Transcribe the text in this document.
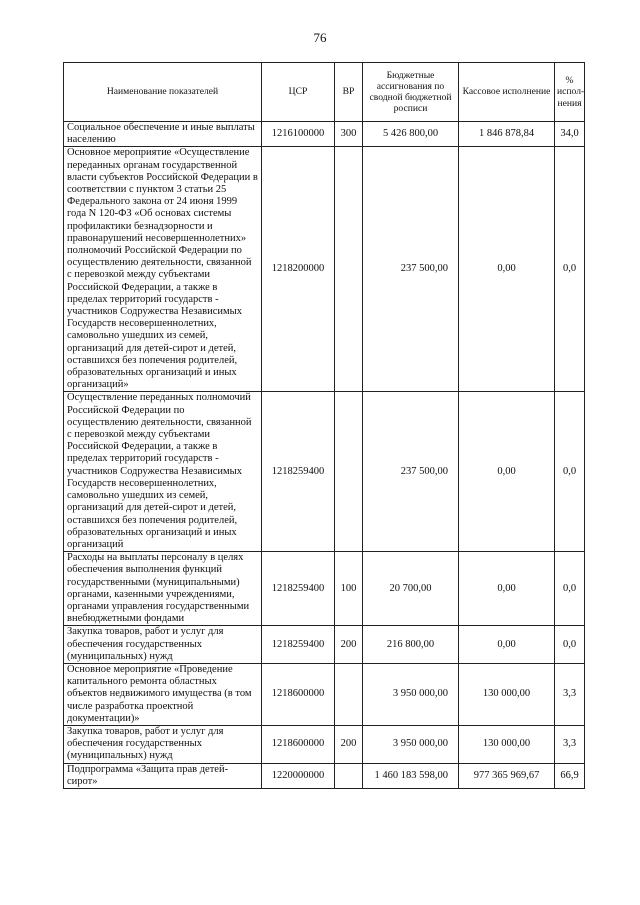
76
Наименование показателей	ЦСР	ВР	Бюджетные ассигнования по сводной бюджетной росписи	Кассовое исполнение	% испол- нения
Социальное обеспечение и иные выплаты населению	1216100000	300	5 426 800,00	1 846 878,84	34,0
Основное мероприятие «Осуществление переданных органам государственной власти субъектов Российской Федерации в соответствии с пунктом 3 статьи 25 Федерального закона от 24 июня 1999 года N 120-ФЗ «Об основах системы профилактики безнадзорности и правонарушений несовершеннолетних» полномочий Российской Федерации по осуществлению деятельности, связанной с перевозкой между субъектами Российской Федерации, а также в пределах территорий государств - участников Содружества Независимых Государств несовершеннолетних, самовольно ушедших из семей, организаций для детей-сирот и детей, оставшихся без попечения родителей, образовательных организаций и иных организаций»	1218200000		237 500,00	0,00	0,0
Осуществление переданных полномочий Российской Федерации по осуществлению деятельности, связанной с перевозкой между субъектами Российской Федерации, а также в пределах территорий государств - участников Содружества Независимых Государств несовершеннолетних, самовольно ушедших из семей, организаций для детей-сирот и детей, оставшихся без попечения родителей, образовательных организаций и иных организаций	1218259400		237 500,00	0,00	0,0
Расходы на выплаты персоналу в целях обеспечения выполнения функций государственными (муниципальными) органами, казенными учреждениями, органами управления государственными внебюджетными фондами	1218259400	100	20 700,00	0,00	0,0
Закупка товаров, работ и услуг для обеспечения государственных (муниципальных) нужд	1218259400	200	216 800,00	0,00	0,0
Основное мероприятие «Проведение капитального ремонта областных объектов недвижимого имущества (в том числе разработка проектной документации)»	1218600000		3 950 000,00	130 000,00	3,3
Закупка товаров, работ и услуг для обеспечения государственных (муниципальных) нужд	1218600000	200	3 950 000,00	130 000,00	3,3
Подпрограмма «Защита прав детей-сирот»	1220000000		1 460 183 598,00	977 365 969,67	66,9
